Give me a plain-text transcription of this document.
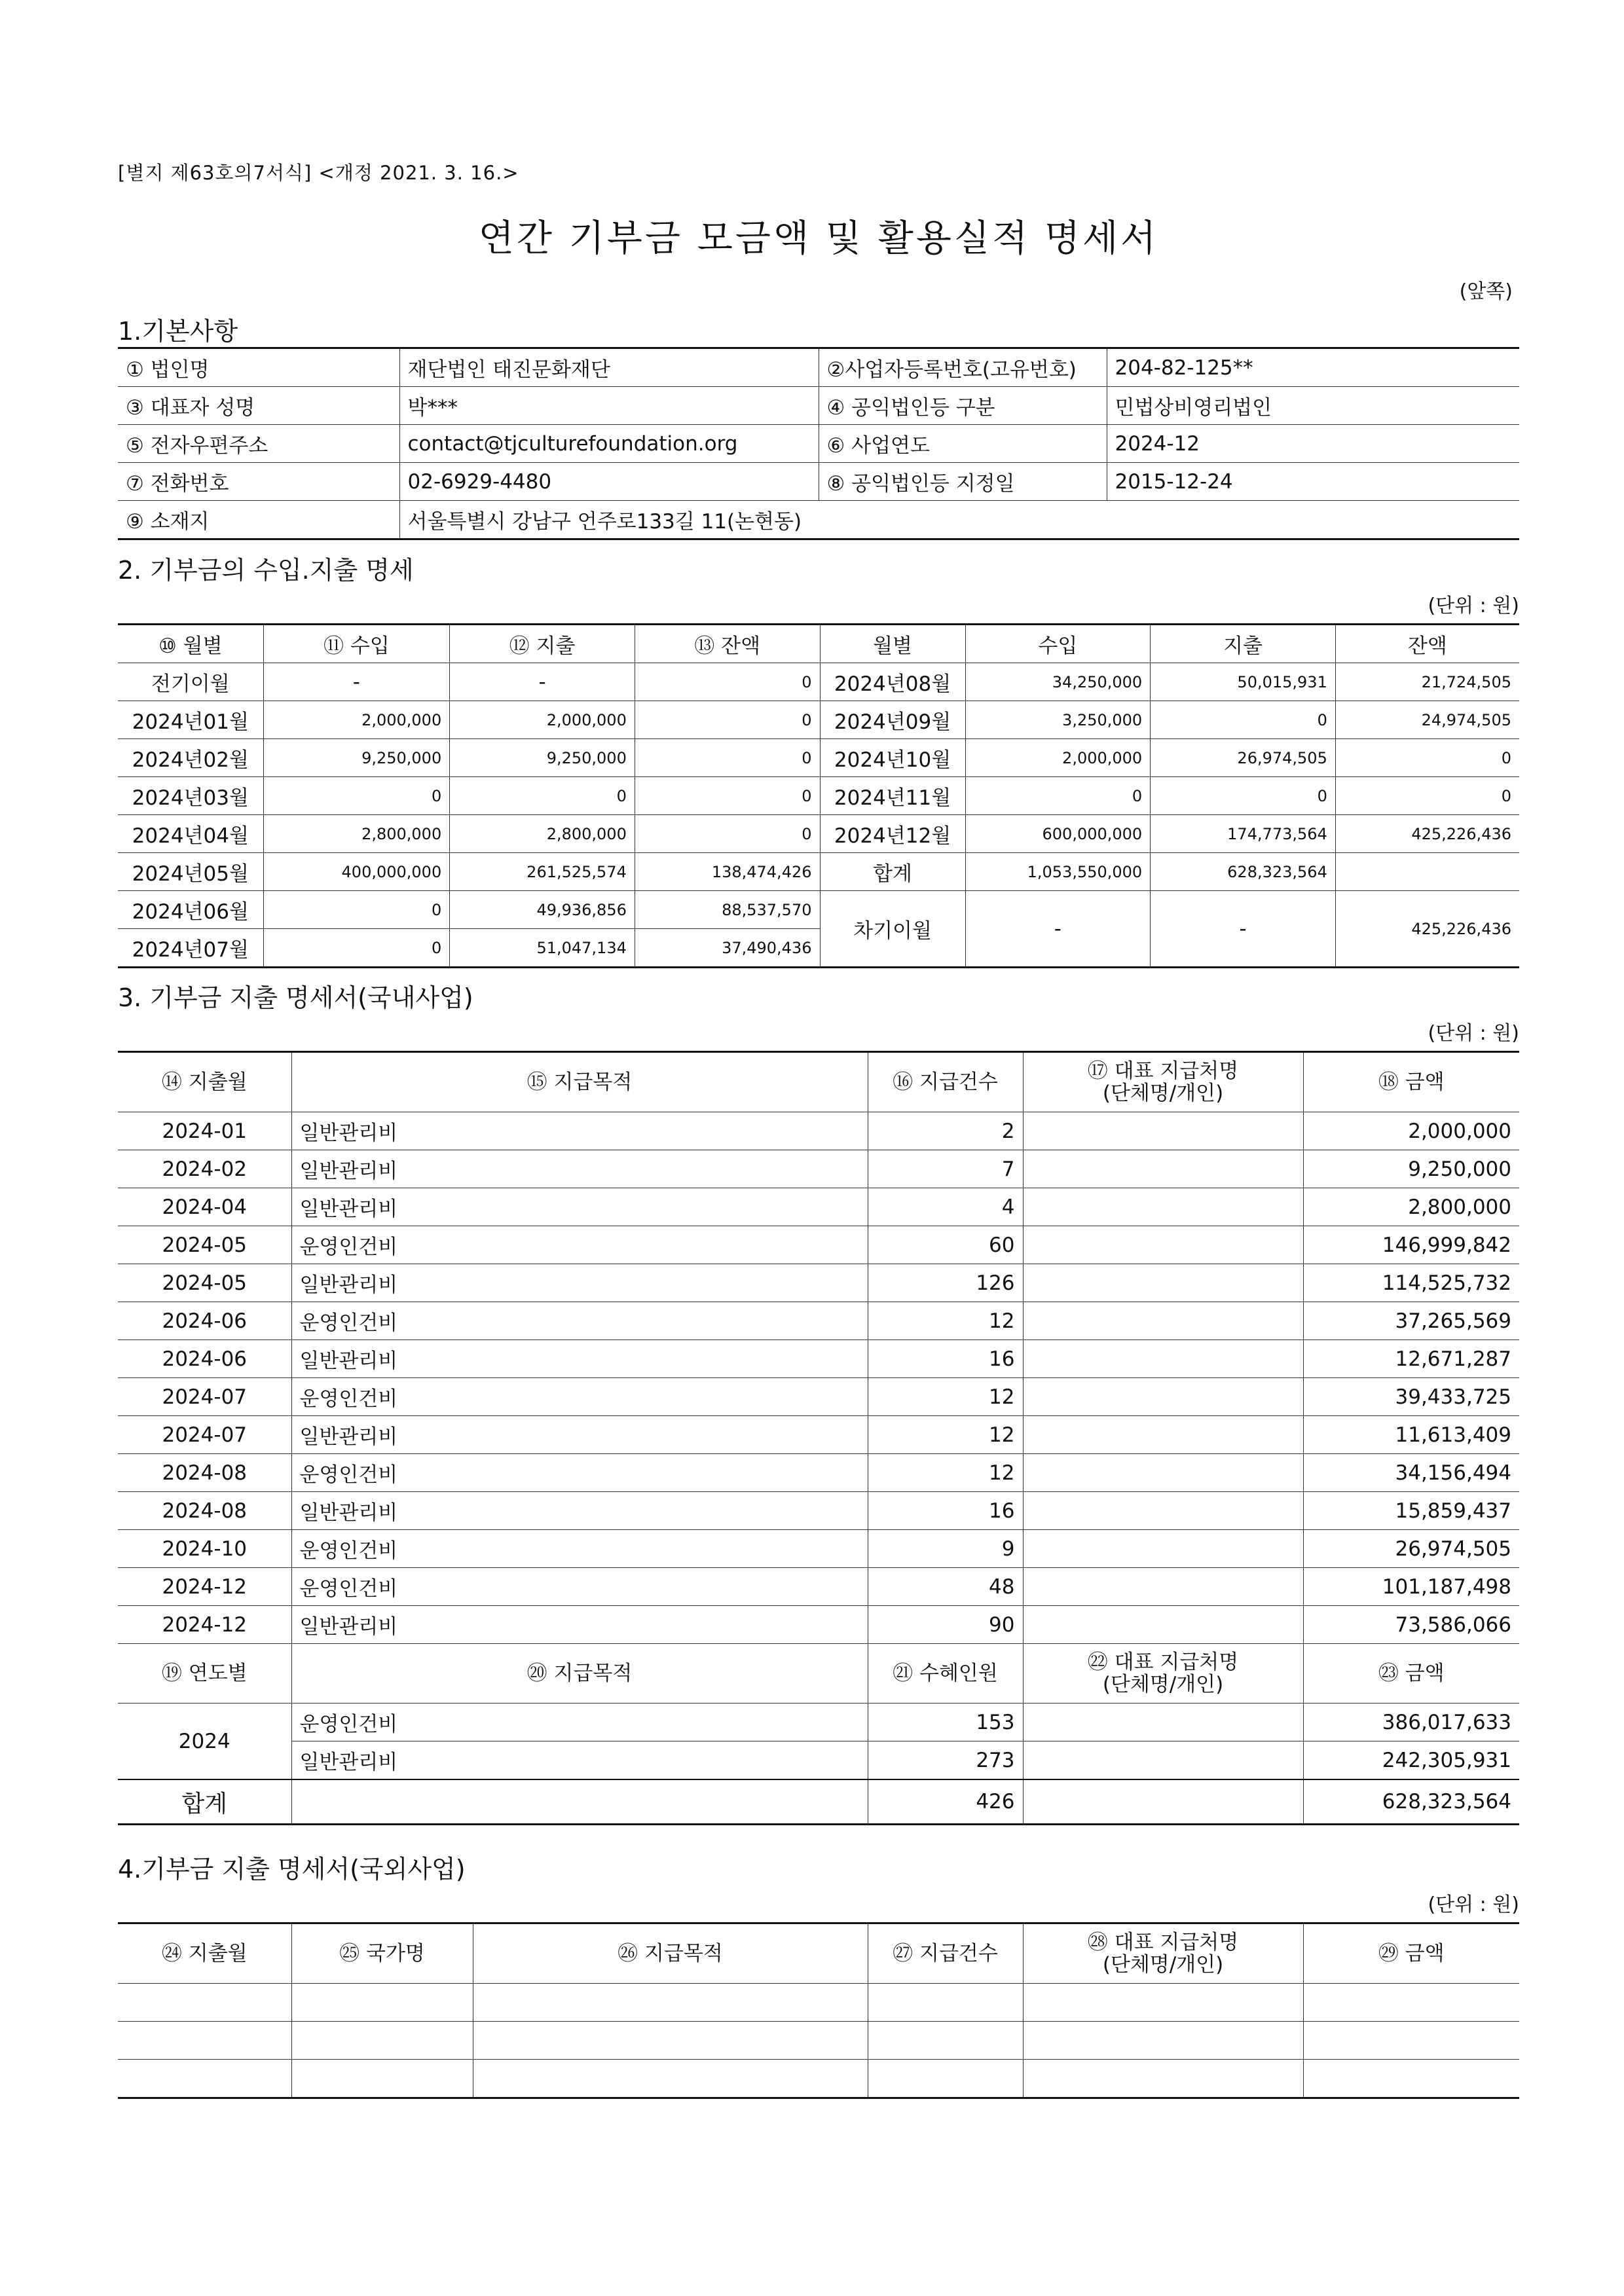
[별지 제63호의7서식] <개정 2021. 3. 16.>
연간 기부금 모금액 및 활용실적 명세서
(앞쪽)
1.기본사항
① 법인명	재단법인 태진문화재단	②사업자등록번호(고유번호)	204-82-125**
③ 대표자 성명	박***	④ 공익법인등 구분	민법상비영리법인
⑤ 전자우편주소	contact@tjculturefoundation.org	⑥ 사업연도	2024-12
⑦ 전화번호	02-6929-4480	⑧ 공익법인등 지정일	2015-12-24
⑨ 소재지	서울특별시 강남구 언주로133길 11(논현동)		
2. 기부금의 수입.지출 명세
(단위 : 원)
⑩ 월별	⑪ 수입	⑫ 지출	⑬ 잔액	월별	수입	지출	잔액
전기이월	-	-	0	2024년08월	34,250,000	50,015,931	21,724,505
2024년01월	2,000,000	2,000,000	0	2024년09월	3,250,000	0	24,974,505
2024년02월	9,250,000	9,250,000	0	2024년10월	2,000,000	26,974,505	0
2024년03월	0	0	0	2024년11월	0	0	0
2024년04월	2,800,000	2,800,000	0	2024년12월	600,000,000	174,773,564	425,226,436
2024년05월	400,000,000	261,525,574	138,474,426	합계	1,053,550,000	628,323,564	
2024년06월	0	49,936,856	88,537,570	차기이월	-	-	425,226,436
2024년07월	0	51,047,134	37,490,436				
3. 기부금 지출 명세서(국내사업)
(단위 : 원)
⑭ 지출월	⑮ 지급목적	⑯ 지급건수	⑰ 대표 지급처명
(단체명/개인)	⑱ 금액
2024-01	일반관리비	2		2,000,000
2024-02	일반관리비	7		9,250,000
2024-04	일반관리비	4		2,800,000
2024-05	운영인건비	60		146,999,842
2024-05	일반관리비	126		114,525,732
2024-06	운영인건비	12		37,265,569
2024-06	일반관리비	16		12,671,287
2024-07	운영인건비	12		39,433,725
2024-07	일반관리비	12		11,613,409
2024-08	운영인건비	12		34,156,494
2024-08	일반관리비	16		15,859,437
2024-10	운영인건비	9		26,974,505
2024-12	운영인건비	48		101,187,498
2024-12	일반관리비	90		73,586,066
⑲ 연도별	⑳ 지급목적	㉑ 수혜인원	㉒ 대표 지급처명
(단체명/개인)	㉓ 금액
2024	운영인건비	153		386,017,633
	일반관리비	273		242,305,931
합계		426		628,323,564
4.기부금 지출 명세서(국외사업)
(단위 : 원)
㉔ 지출월	㉕ 국가명	㉖ 지급목적	㉗ 지급건수	㉘ 대표 지급처명
(단체명/개인)	㉙ 금액
